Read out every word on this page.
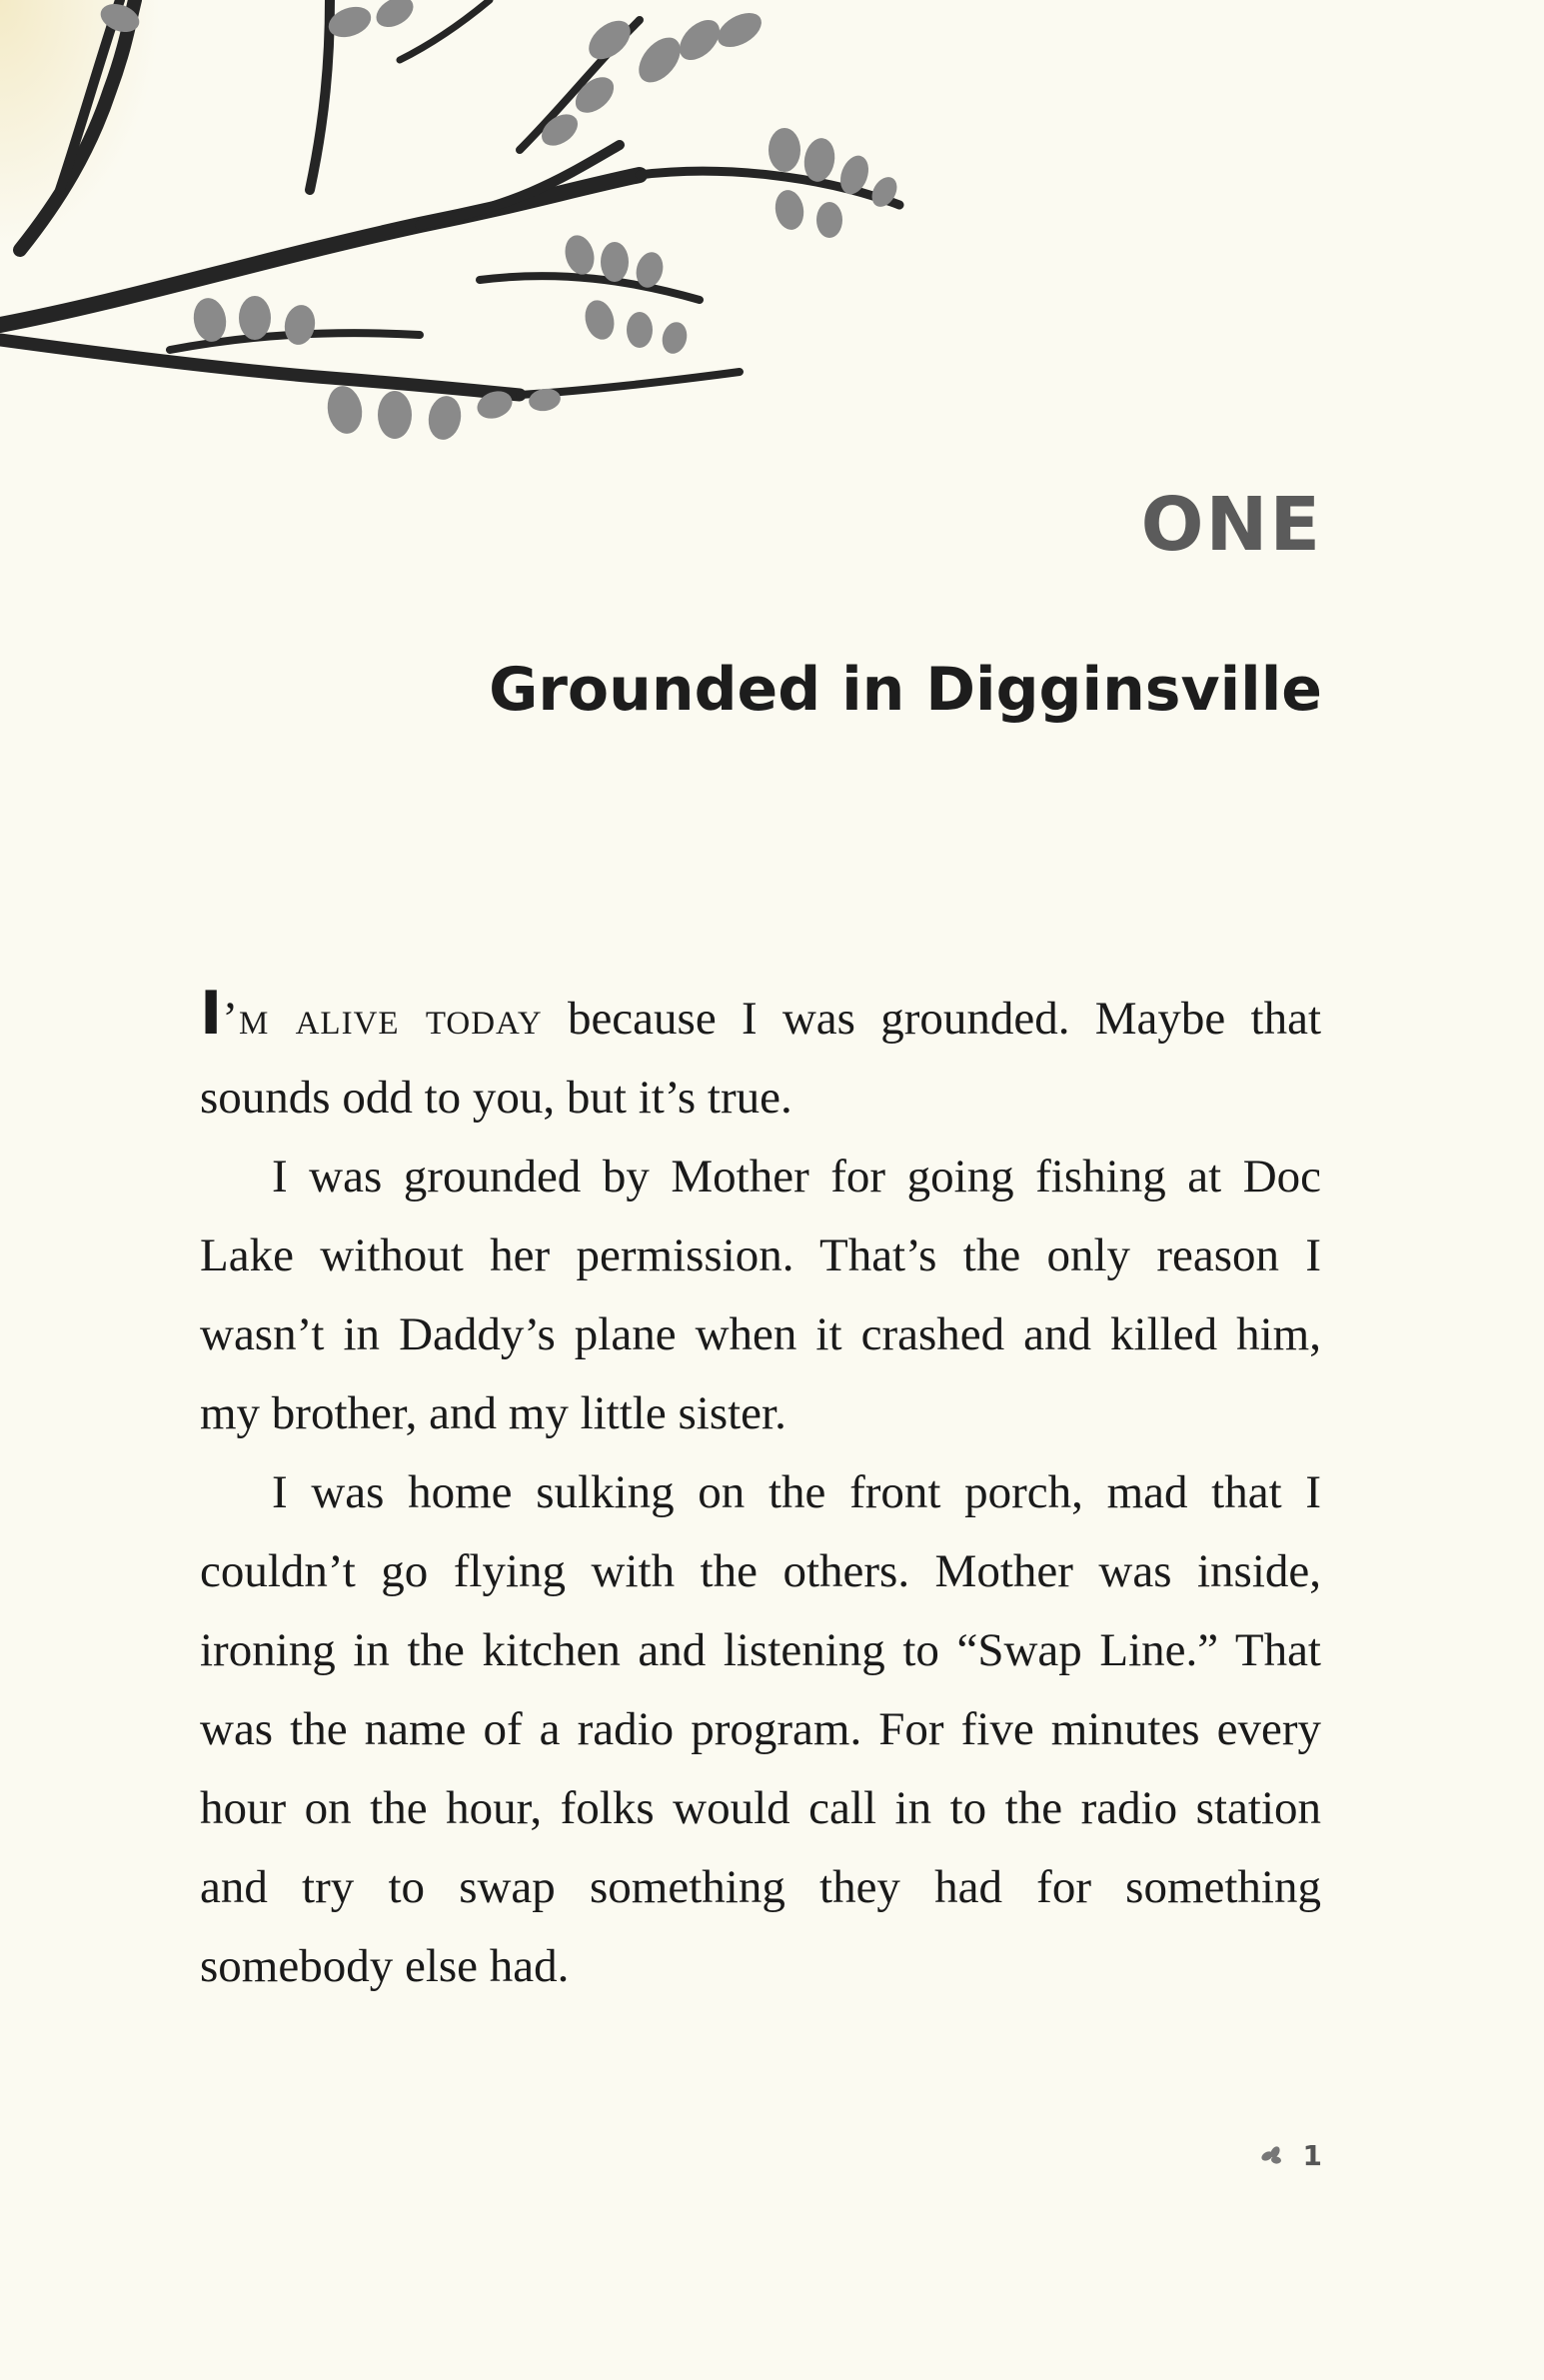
ONE
Grounded in Digginsville

I’m alive today because I was grounded. Maybe that sounds odd to you, but it’s true.

I was grounded by Mother for going fishing at Doc Lake without her permission. That’s the only reason I wasn’t in Daddy’s plane when it crashed and killed him, my brother, and my little sister.

I was home sulking on the front porch, mad that I couldn’t go flying with the others. Mother was inside, ironing in the kitchen and listening to “Swap Line.” That was the name of a radio program. For five minutes every hour on the hour, folks would call in to the radio station and try to swap something they had for something somebody else had.

1
